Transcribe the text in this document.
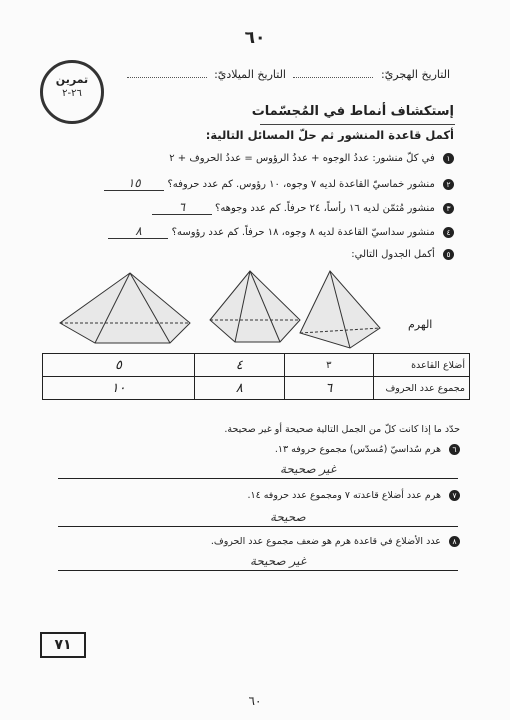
٦٠
تمرين
٢٦-٢
التاريخ الهجريّ:  التاريخ الميلاديّ:
إستكشاف أنماط في المُجسّمات
أكمل قاعدة المنشور ثم حلّ المسائل التالية:
١ في كلّ منشور: عددُ الوجوه + عددُ الرؤوس = عددُ الحروف + ٢
٢ منشور خماسيّ القاعدة لديه ٧ وجوه، ١٠ رؤوس. كم عدد حروفه؟ ١٥
٣ منشور مُثمّن لديه ١٦ رأساً، ٢٤ حرفاً. كم عدد وجوهه؟ ٦
٤ منشور سداسيّ القاعدة لديه ٨ وجوه، ١٨ حرفاً. كم عدد رؤوسه؟ ٨
٥ أكمل الجدول التالي:
الهرم
٥	٤	٣	أضلاع القاعدة
١٠	٨	٦	مجموع عدد الحروف
حدّد ما إذا كانت كلّ من الجمل التالية صحيحة أو غير صحيحة.
٦ هرم سُداسيّ (مُسدّس) مجموع حروفه ١٣.
غير صحيحة
٧ هرم عدد أضلاع قاعدته ٧ ومجموع عدد حروفه ١٤.
صحيحة
٨ عدد الأضلاع في قاعدة هرم هو ضعف مجموع عدد الحروف.
غير صحيحة
٧١
٦٠
